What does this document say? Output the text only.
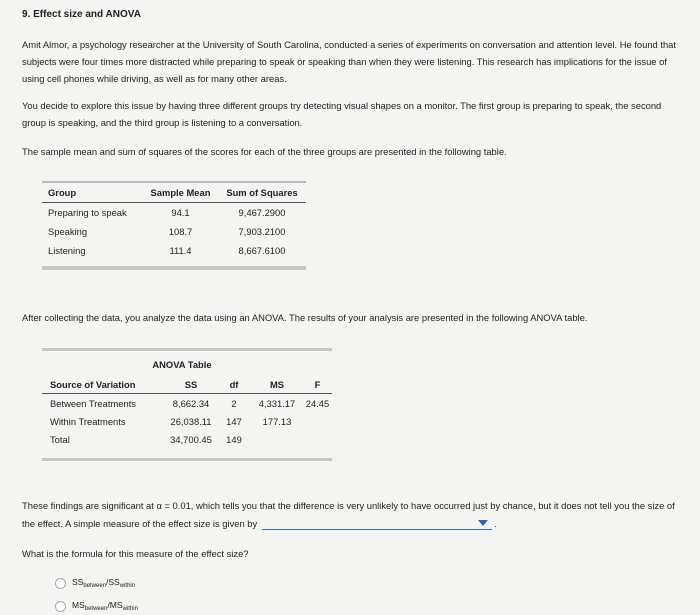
9. Effect size and ANOVA
Amit Almor, a psychology researcher at the University of South Carolina, conducted a series of experiments on conversation and attention level. He found that subjects were four times more distracted while preparing to speak or speaking than when they were listening. This research has implications for the issue of using cell phones while driving, as well as for many other areas.
You decide to explore this issue by having three different groups try detecting visual shapes on a monitor. The first group is preparing to speak, the second group is speaking, and the third group is listening to a conversation.
The sample mean and sum of squares of the scores for each of the three groups are presented in the following table.
Group	Sample Mean	Sum of Squares
Preparing to speak	94.1	9,467.2900
Speaking	108.7	7,903.2100
Listening	111.4	8,667.6100
After collecting the data, you analyze the data using an ANOVA. The results of your analysis are presented in the following ANOVA table.
ANOVA Table
Source of Variation	SS	df	MS	F
Between Treatments	8,662.34	2	4,331.17	24.45
Within Treatments	26,038.11	147	177.13	
Total	34,700.45	149		
These findings are significant at α = 0.01, which tells you that the difference is very unlikely to have occurred just by chance, but it does not tell you the size of the effect. A simple measure of the effect size is given by	.
What is the formula for this measure of the effect size?
$SS_{between}/SS_{within}$
$MS_{between}/MS_{within}$
